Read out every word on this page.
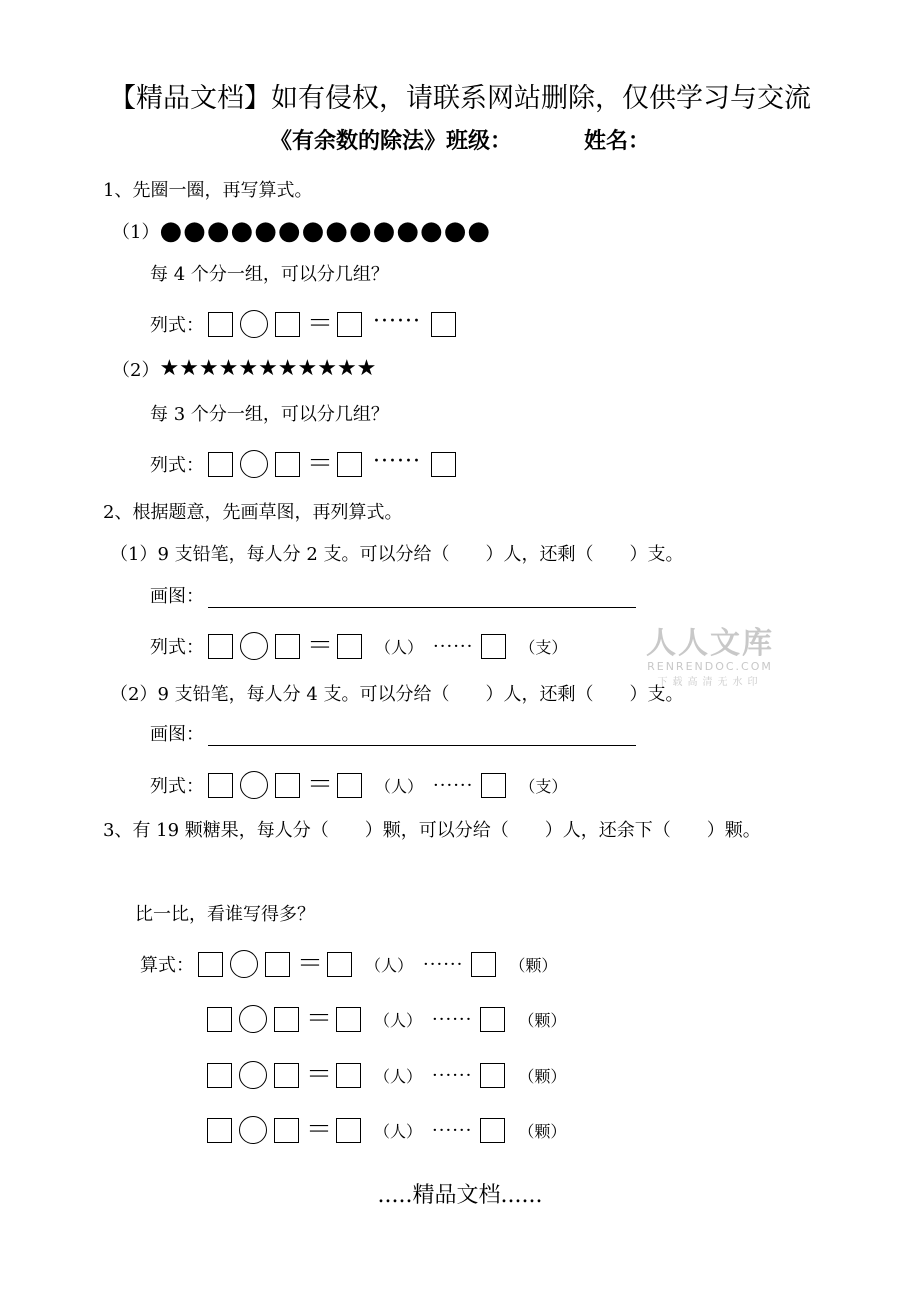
【精品文档】如有侵权，请联系网站删除，仅供学习与交流
《有余数的除法》班级：	姓名：
1、先圈一圈，再写算式。
（1） ●●●●●●●●●●●●●●
每 4 个分一组，可以分几组？
列式：	＝ ······
（2） ★★★★★★★★★★★
每 3 个分一组，可以分几组？
列式：	＝ ······
2、根据题意，先画草图，再列算式。
（1）9 支铅笔，每人分 2 支。可以分给（　　）人，还剩（　　）支。
画图：
列式：	＝	（人） ······	（支）
（2）9 支铅笔，每人分 4 支。可以分给（　　）人，还剩（　　）支。
画图：
列式：	＝	（人） ······	（支）
3、有 19 颗糖果，每人分（　　）颗，可以分给（　　）人，还余下（　　）颗。
比一比，看谁写得多？
算式：	＝	（人） ······	（颗）
＝	（人） ······	（颗）
＝	（人） ······	（颗）
＝	（人） ······	（颗）
人人文库
RENRENDOC.COM
下载高清无水印
.....精品文档......
